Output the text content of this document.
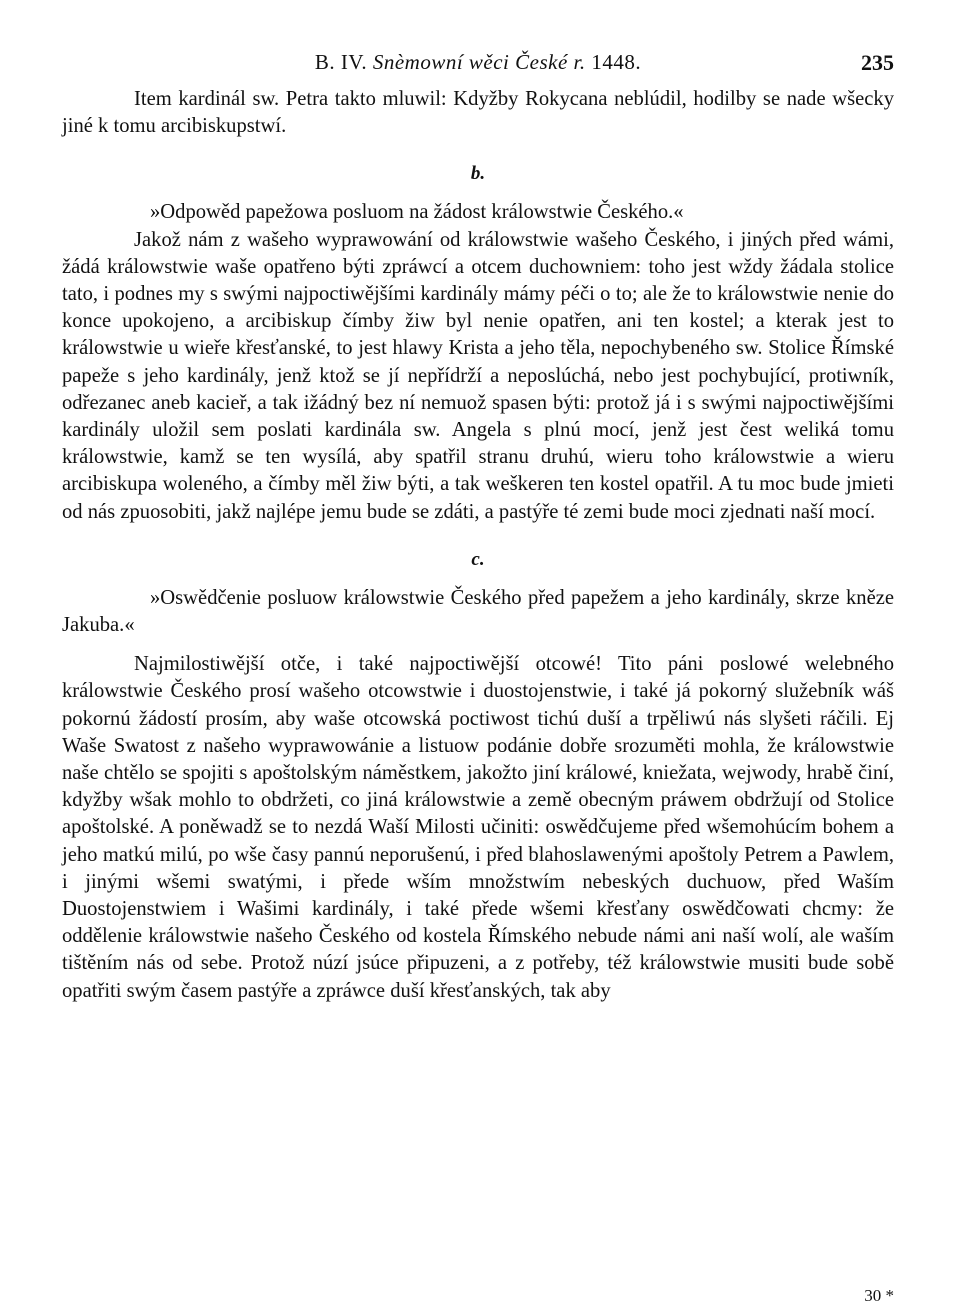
B. IV. Snèmowní wěci České r. 1448.	235

Item kardinál sw. Petra takto mluwil: Kdyžby Rokycana neblúdil, hodilby se nade wšecky jiné k tomu arcibiskupstwí.

b.

»Odpowěd papežowa posluom na žádost králowstwie Českého.«

Jakož nám z wašeho wyprawowání od králowstwie wašeho Českého, i jiných před wámi, žádá králowstwie waše opatřeno býti zpráwcí a otcem duchowniem: toho jest wždy žádala stolice tato, i podnes my s swými najpoctiwějšími kardinály mámy péči o to; ale že to králowstwie nenie do konce upokojeno, a arcibiskup čímby žiw byl nenie opatřen, ani ten kostel; a kterak jest to králowstwie u wieře křesťanské, to jest hlawy Krista a jeho těla, nepochybeného sw. Stolice Římské papeže s jeho kardinály, jenž ktož se jí nepřídrží a neposlúchá, nebo jest pochybující, protiwník, odřezanec aneb kacieř, a tak ižádný bez ní nemuož spasen býti: protož já i s swými najpoctiwějšími kardinály uložil sem poslati kardinála sw. Angela s plnú mocí, jenž jest čest weliká tomu králowstwie, kamž se ten wysílá, aby spatřil stranu druhú, wieru toho králowstwie a wieru arcibiskupa woleného, a čímby měl žiw býti, a tak weškeren ten kostel opatřil. A tu moc bude jmieti od nás zpuosobiti, jakž najlépe jemu bude se zdáti, a pastýře té zemi bude moci zjednati naší mocí.

c.

»Oswědčenie posluow králowstwie Českého před papežem a jeho kardinály, skrze kněze Jakuba.«

Najmilostiwější otče, i také najpoctiwější otcowé! Tito páni poslowé welebného králowstwie Českého prosí wašeho otcowstwie i duostojenstwie, i také já pokorný služebník wáš pokornú žádostí prosím, aby waše otcowská poctiwost tichú duší a trpěliwú nás slyšeti ráčili. Ej Waše Swatost z našeho wyprawowánie a listuow podánie dobře srozuměti mohla, že králowstwie naše chtělo se spojiti s apoštolským náměstkem, jakožto jiní králowé, kniežata, wejwody, hrabě činí, kdyžby wšak mohlo to obdržeti, co jiná králowstwie a země obecným práwem obdržují od Stolice apoštolské. A poněwadž se to nezdá Waší Milosti učiniti: oswědčujeme před wšemohúcím bohem a jeho matkú milú, po wše časy pannú neporušenú, i před blahoslawenými apoštoly Petrem a Pawlem, i jinými wšemi swatými, i přede wším množstwím nebeských duchuow, před Waším Duostojenstwiem i Wašimi kardinály, i také přede wšemi křesťany oswědčowati chcmy: že oddělenie králowstwie našeho Českého od kostela Římského nebude námi ani naší wolí, ale waším tištěním nás od sebe. Protož núzí jsúce připuzeni, a z potřeby, též králowstwie musiti bude sobě opatřiti swým časem pastýře a zpráwce duší křesťanských, tak aby

30 *
